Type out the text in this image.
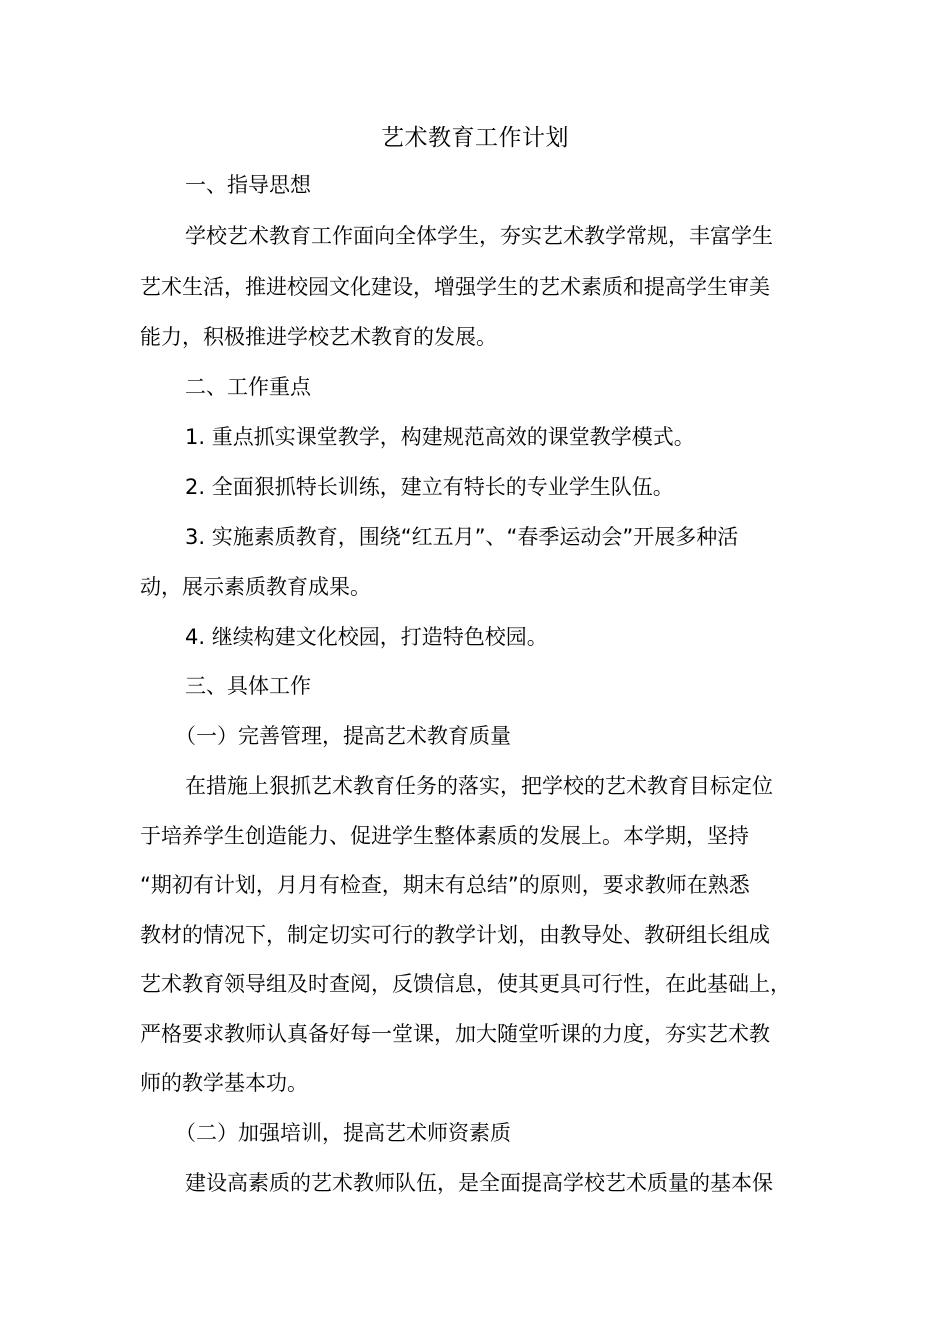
艺术教育工作计划
一、指导思想
学校艺术教育工作面向全体学生，夯实艺术教学常规，丰富学生
艺术生活，推进校园文化建设，增强学生的艺术素质和提高学生审美
能力，积极推进学校艺术教育的发展。
二、工作重点
1. 重点抓实课堂教学，构建规范高效的课堂教学模式。
2. 全面狠抓特长训练，建立有特长的专业学生队伍。
3. 实施素质教育，围绕“红五月”、“春季运动会”开展多种活
动，展示素质教育成果。
4. 继续构建文化校园，打造特色校园。
三、具体工作
（一）完善管理，提高艺术教育质量
在措施上狠抓艺术教育任务的落实，把学校的艺术教育目标定位
于培养学生创造能力、促进学生整体素质的发展上。本学期，坚持
“期初有计划，月月有检查，期末有总结”的原则，要求教师在熟悉
教材的情况下，制定切实可行的教学计划，由教导处、教研组长组成
艺术教育领导组及时查阅，反馈信息，使其更具可行性，在此基础上，
严格要求教师认真备好每一堂课，加大随堂听课的力度，夯实艺术教
师的教学基本功。
（二）加强培训，提高艺术师资素质
建设高素质的艺术教师队伍，是全面提高学校艺术质量的基本保
